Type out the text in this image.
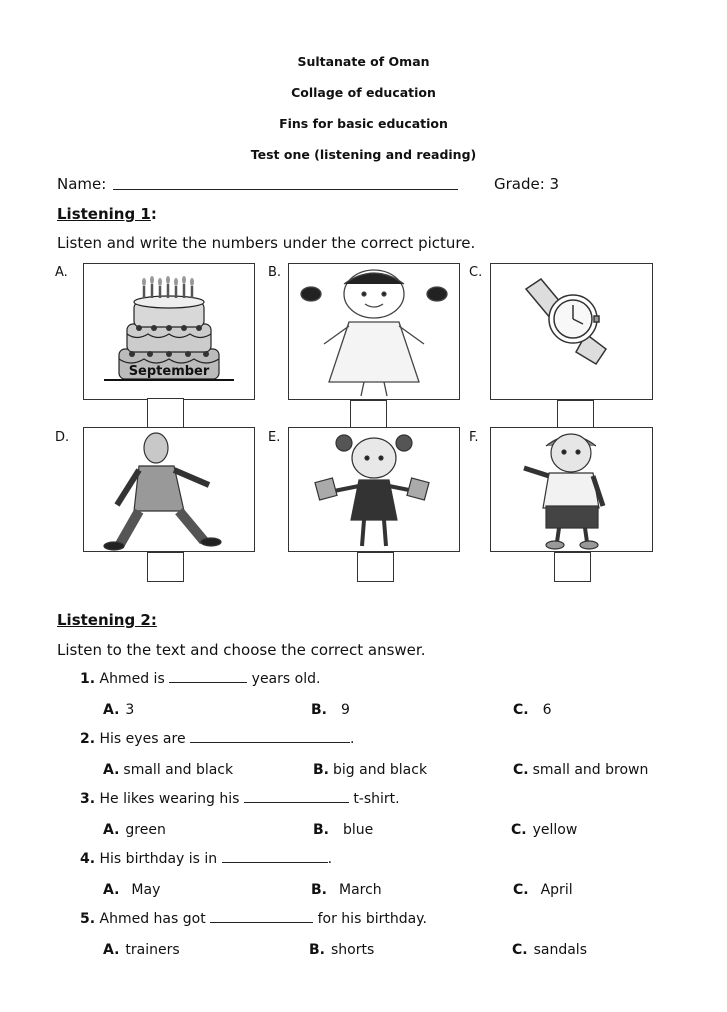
Sultanate of Oman
Collage of education
Fins for basic education
Test one (listening and reading)
Name:	Grade: 3
Listening 1:
Listen and write the numbers under the correct picture.
A.
September
B.	C.
D.	E.	F.
Listening 2:
Listen to the text and choose the correct answer.
1. Ahmed is	years old.
A. 3	B. 9	C. 6
2. His eyes are	.
A. small and black	B. big and black	C. small and brown
3. He likes wearing his	t-shirt.
A. green	B. blue	C. yellow
4. His birthday is in	.
A. May	B. March	C. April
5. Ahmed has got	for his birthday.
A. trainers	B. shorts	C. sandals
